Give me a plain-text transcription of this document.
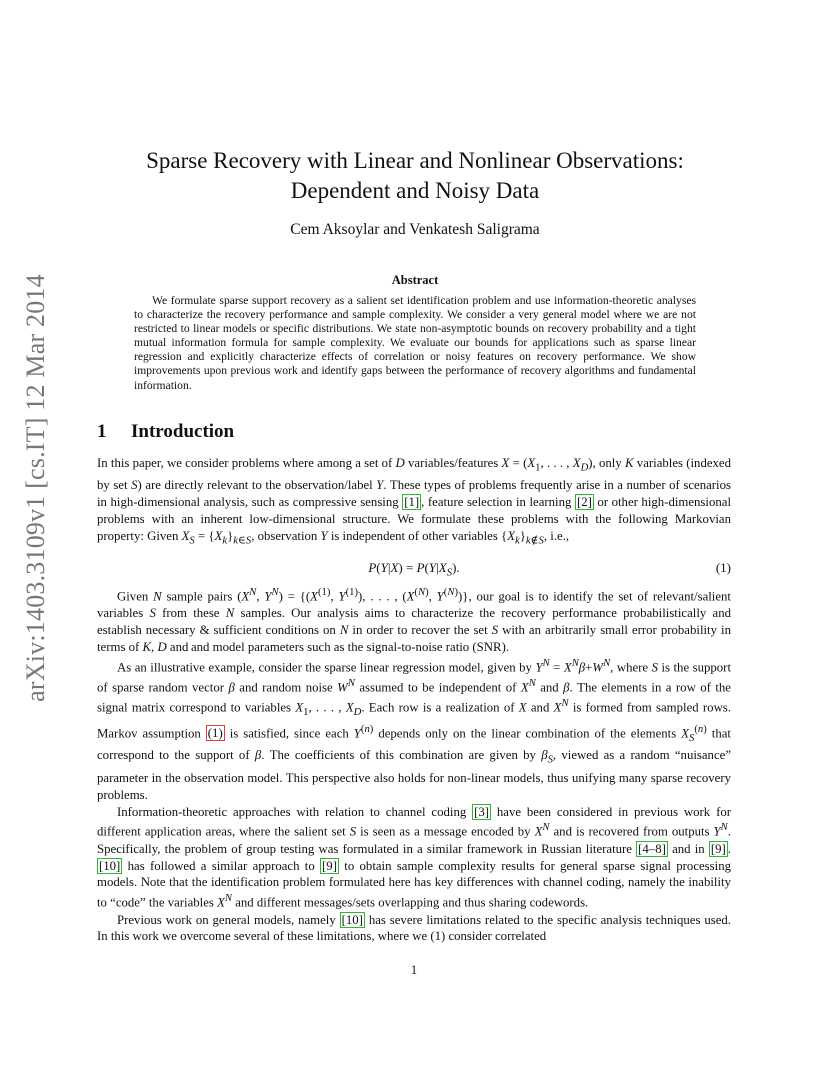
arXiv:1403.3109v1 [cs.IT] 12 Mar 2014
Sparse Recovery with Linear and Nonlinear Observations:
Dependent and Noisy Data
Cem Aksoylar and Venkatesh Saligrama
Abstract
We formulate sparse support recovery as a salient set identification problem and use information-theoretic analyses to characterize the recovery performance and sample complexity. We consider a very general model where we are not restricted to linear models or specific distributions. We state non-asymptotic bounds on recovery probability and a tight mutual information formula for sample complexity. We evaluate our bounds for applications such as sparse linear regression and explicitly characterize effects of correlation or noisy features on recovery performance. We show improvements upon previous work and identify gaps between the performance of recovery algorithms and fundamental information.
1 Introduction

In this paper, we consider problems where among a set of D variables/features $X = (X_1$, . . . , $X_D$), only K variables (indexed by set S) are directly relevant to the observation/label Y. These types of problems frequently arise in a number of scenarios in high-dimensional analysis, such as compressive sensing [1] , feature selection in learning [2] or other high-dimensional problems with an inherent low-dimensional structure. We formulate these problems with the following Markovian property: Given $X_S = \{X_k\}_{k\in S}$, observation Y is independent of other variables $\{X_k\}_{k\notin S}$, i.e.,

$P(Y|X) = P(Y|X_S)$.	(1)

Given N sample pairs ($X^N$, $Y^N) = \{(X^{(1)}$, $Y^{(1)}$), . . . , ($X^{(N)}$, $Y^{(N)}$)}, our goal is to identify the set of relevant/salient variables S from these N samples. Our analysis aims to characterize the recovery performance probabilistically and establish necessary & sufficient conditions on N in order to recover the set S with an arbitrarily small error probability in terms of K, D and and model parameters such as the signal-to-noise ratio (SNR).

As an illustrative example, consider the sparse linear regression model, given by $Y^N = X^N\beta+W^N$, where S is the support of sparse random vector β and random noise $W^N$ assumed to be independent of $X^N$ and β. The elements in a row of the signal matrix correspond to variables $X_1$, . . . , $X_D$. Each row is a realization of X and $X^N$ is formed from sampled rows. Markov assumption (1) is satisfied, since each $Y^{(n)}$ depends only on the linear combination of the elements $X_S^{(n)}$ that correspond to the support of β. The coefficients of this combination are given by $\beta_S$, viewed as a random “nuisance” parameter in the observation model. This perspective also holds for non-linear models, thus unifying many sparse recovery problems.

Information-theoretic approaches with relation to channel coding [3] have been considered in previous work for different application areas, where the salient set S is seen as a message encoded by $X^N$ and is recovered from outputs $Y^N$. Specifically, the problem of group testing was formulated in a similar framework in Russian literature [4–8] and in [9] . [10] has followed a similar approach to [9] to obtain sample complexity results for general sparse signal processing models. Note that the identification problem formulated here has key differences with channel coding, namely the inability to “code” the variables $X^N$ and different messages/sets overlapping and thus sharing codewords.

Previous work on general models, namely [10] has severe limitations related to the specific analysis techniques used. In this work we overcome several of these limitations, where we (1) consider correlated

1
